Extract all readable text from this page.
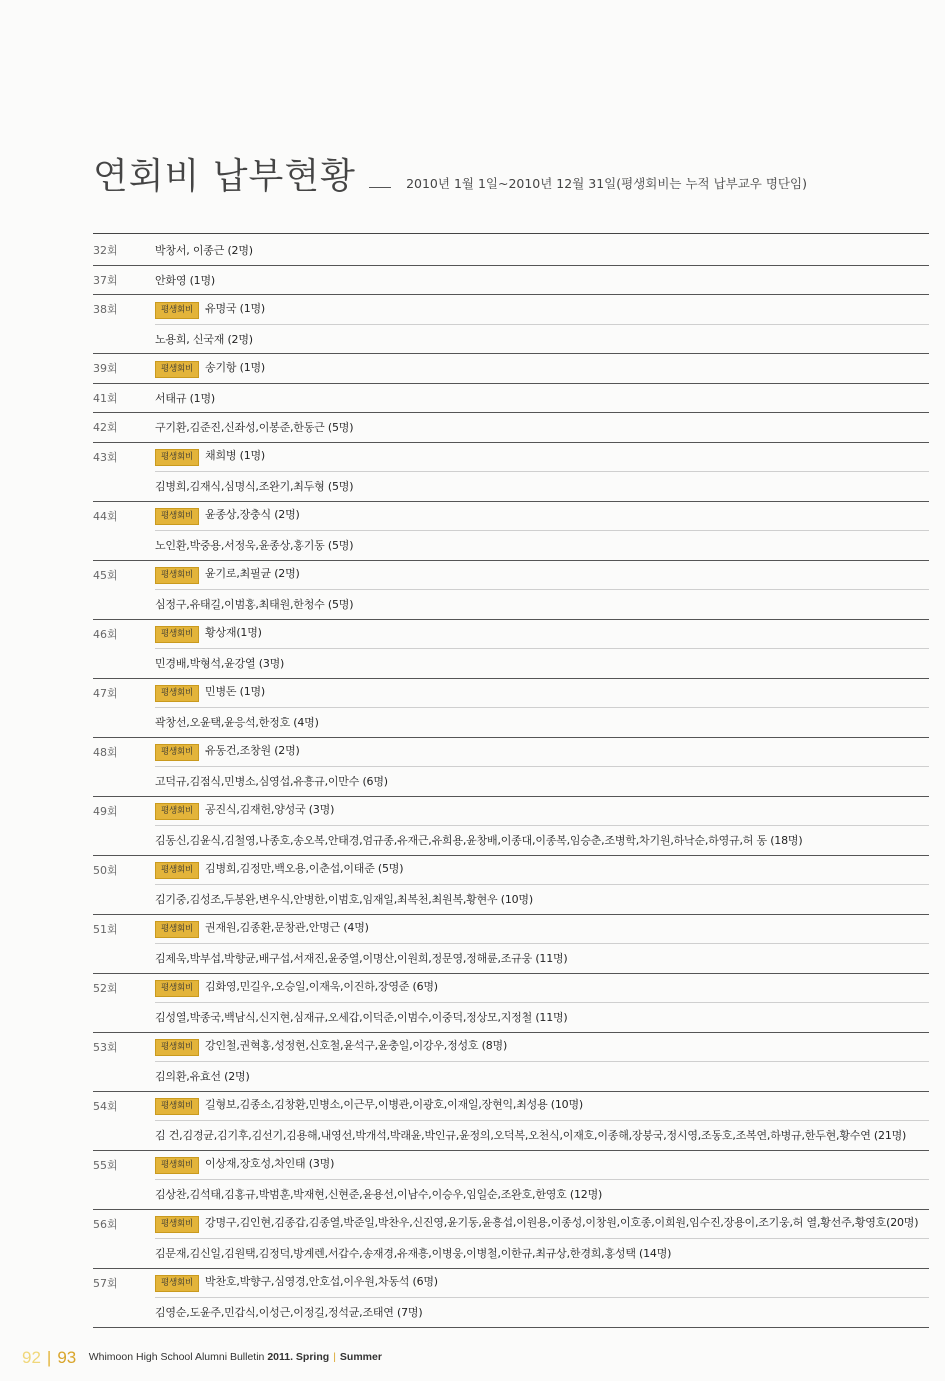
연회비 납부현황	2010년 1월 1일~2010년 12월 31일(평생회비는 누적 납부교우 명단임)
32회	박창서, 이종근 (2명)
37회	안화영 (1명)
38회	평생회비 유명국 (1명)
노용희, 신국재 (2명)
39회	평생회비 송기항 (1명)
41회	서태규 (1명)
42회	구기환,김준진,신좌성,이봉준,한동근 (5명)
43회	평생회비 채희병 (1명)
김병희,김재식,심명식,조완기,최두형 (5명)
44회	평생회비 윤종상,장충식 (2명)
노인환,박중용,서정욱,윤종상,홍기동 (5명)
45회	평생회비 윤기로,최필균 (2명)
심정구,유태길,이범홍,최태원,한청수 (5명)
46회	평생회비 황상재(1명)
민경배,박형석,윤강열 (3명)
47회	평생회비 민병돈 (1명)
곽창선,오윤택,윤응석,한정호 (4명)
48회	평생회비 유동건,조창원 (2명)
고덕규,김점식,민병소,심영섭,유흥규,이만수 (6명)
49회	평생회비 공진식,김재헌,양성국 (3명)
김동신,김윤식,김철영,나종호,송오복,안태경,엄규종,유재근,유희용,윤창배,이종대,이종복,임승춘,조병학,차기원,하낙순,하영규,허 동 (18명)
50회	평생회비 김병희,김정만,백오용,이춘섭,이태준 (5명)
김기중,김성조,두봉완,변우식,안병한,이범호,임재일,최복천,최원복,황현우 (10명)
51회	평생회비 권재원,김종환,문창관,안명근 (4명)
김제욱,박부섭,박향균,배구섭,서재진,윤중열,이명산,이원희,정문영,정해륜,조규웅 (11명)
52회	평생회비 김화영,민길우,오승일,이재욱,이진하,장영준 (6명)
김성열,박종국,백남식,신지현,심재규,오세갑,이덕준,이범수,이중덕,정상모,지정철 (11명)
53회	평생회비 강인철,권혁홍,성정현,신호철,윤석구,윤충일,이강우,정성호 (8명)
김의환,유효선 (2명)
54회	평생회비 길형보,김종소,김창환,민병소,이근무,이병관,이광호,이재일,장현익,최성용 (10명)
김 건,김경균,김기후,김선기,김용해,내영선,박개석,박래윤,박인규,윤정의,오덕복,오천식,이재호,이종해,장붕국,정시영,조동호,조복연,하병규,한두현,황수연 (21명)
55회	평생회비 이상재,장호성,차인태 (3명)
김상찬,김석태,김홍규,박범훈,박재현,신현준,윤용선,이남수,이승우,임일순,조완호,한영호 (12명)
56회	평생회비 강명구,김인현,김종갑,김종열,박준일,박찬우,신진영,윤기동,윤흥섭,이원용,이종성,이창원,이호종,이희원,임수진,장용이,조기웅,허 열,황선주,황영호(20명)
김문재,김신일,김원택,김정덕,방계렌,서갑수,송재경,유재흥,이병웅,이병철,이한규,최규상,한경희,홍성택 (14명)
57회	평생회비 박찬호,박향구,심영경,안호섭,이우원,차동석 (6명)
김영순,도윤주,민갑식,이성근,이정길,정석균,조태연 (7명)
92 | 93 Whimoon High School Alumni Bulletin 2011. Spring | Summer
